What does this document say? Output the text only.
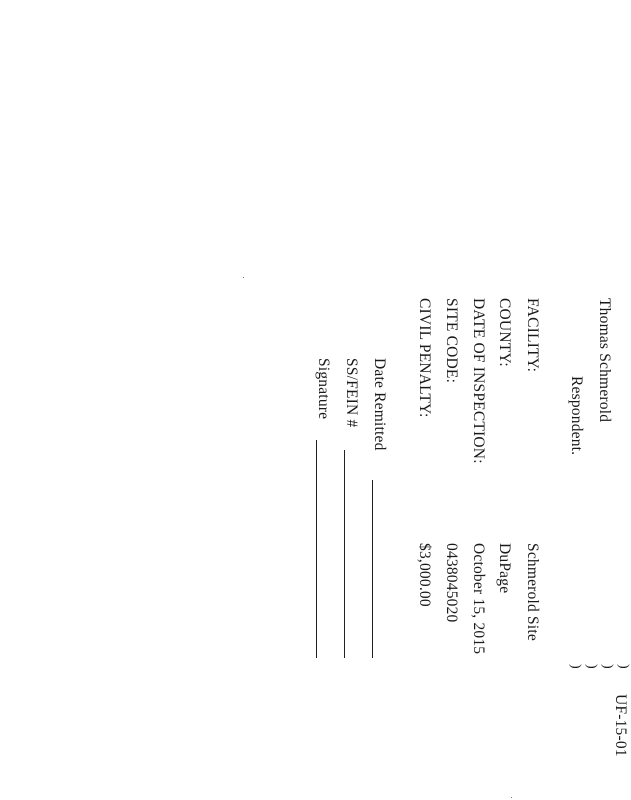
Thomas Schmerold
Respondent.
)
)
)
)
UF-15-01
FACILITY:
COUNTY:
DATE OF INSPECTION:
SITE CODE:
CIVIL PENALTY:
Schmerold Site
DuPage
October 15, 2015
0438045020
$3,000.00
Date Remitted
SS/FEIN #
Signature
